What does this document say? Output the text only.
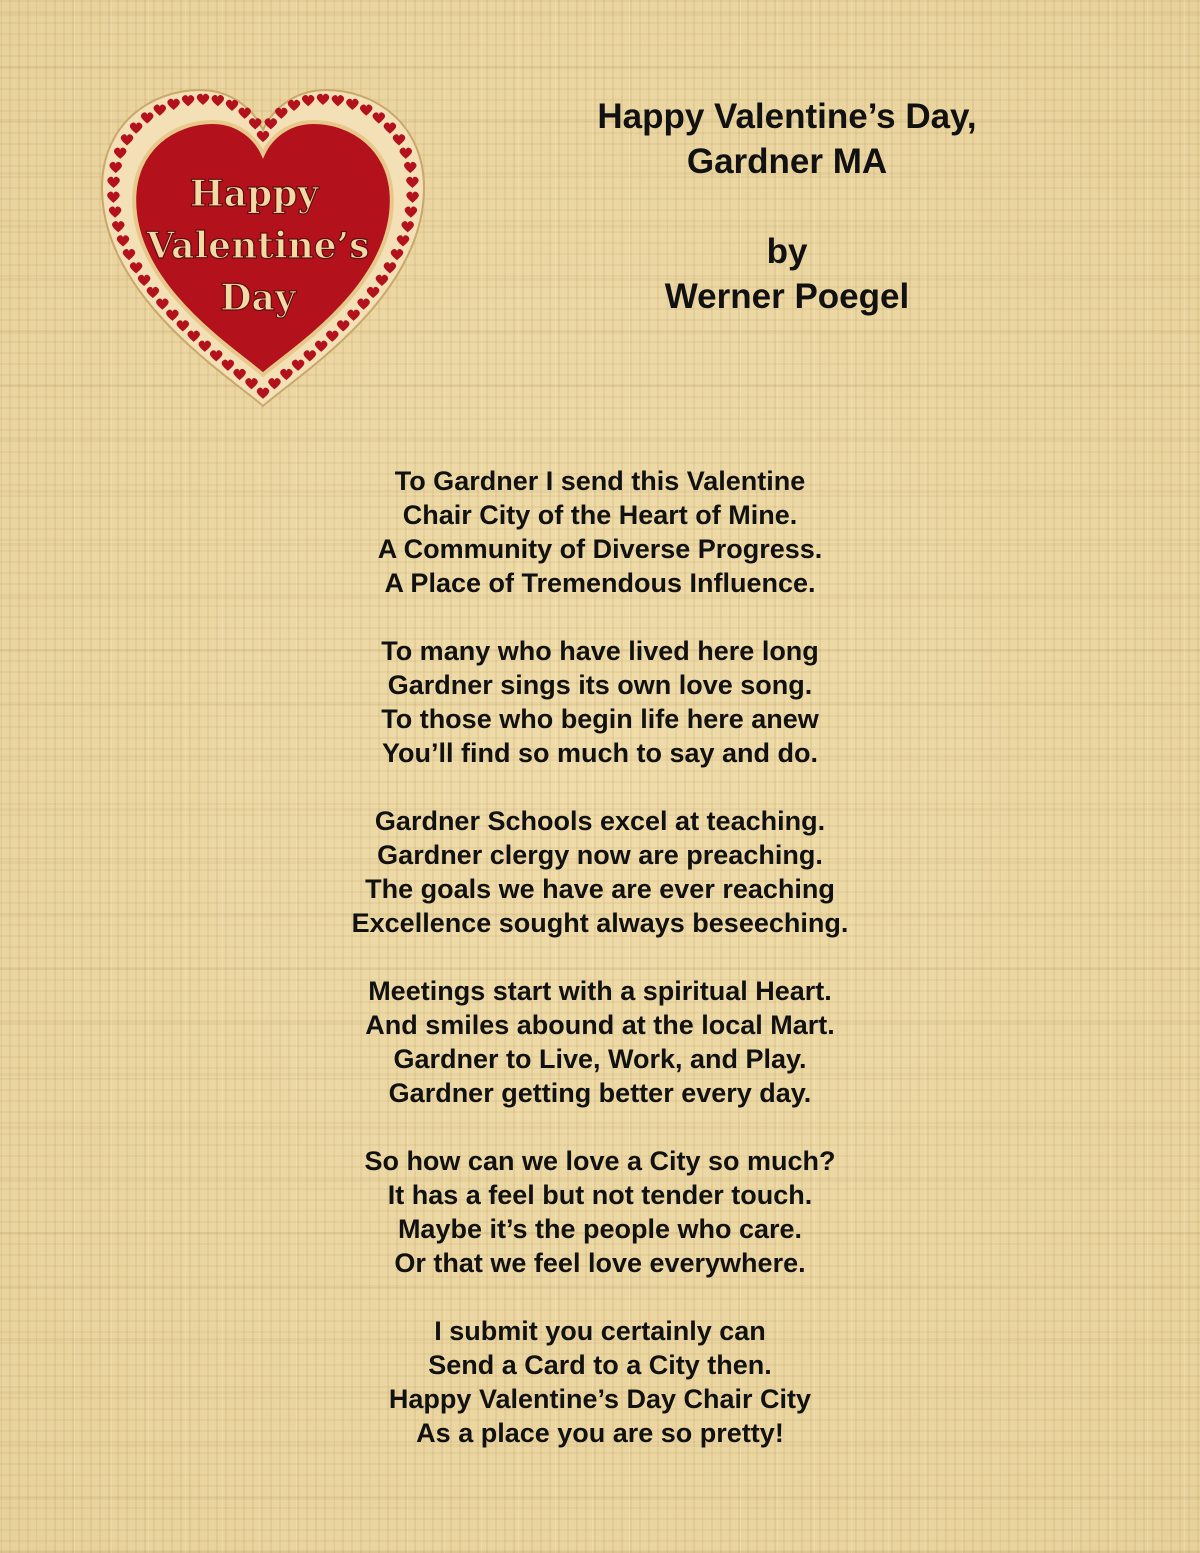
Happy
Valentine’s
Day
Happy Valentine’s Day,
Gardner MA
by
Werner Poegel
To Gardner I send this Valentine
Chair City of the Heart of Mine.
A Community of Diverse Progress.
A Place of Tremendous Influence.
To many who have lived here long
Gardner sings its own love song.
To those who begin life here anew
You’ll find so much to say and do.
Gardner Schools excel at teaching.
Gardner clergy now are preaching.
The goals we have are ever reaching
Excellence sought always beseeching.
Meetings start with a spiritual Heart.
And smiles abound at the local Mart.
Gardner to Live, Work, and Play.
Gardner getting better every day.
So how can we love a City so much?
It has a feel but not tender touch.
Maybe it’s the people who care.
Or that we feel love everywhere.
I submit you certainly can
Send a Card to a City then.
Happy Valentine’s Day Chair City
As a place you are so pretty!
